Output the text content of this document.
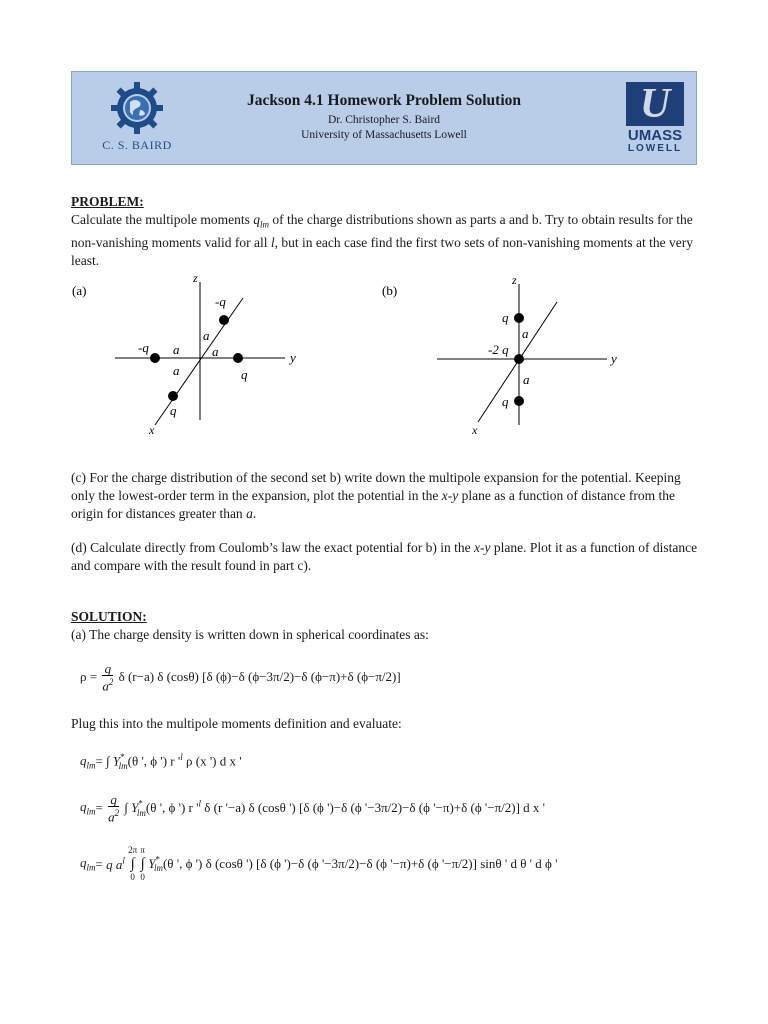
C. S. BAIRD
Jackson 4.1 Homework Problem Solution
Dr. Christopher S. Baird
University of Massachusetts Lowell
U
UMASS
LOWELL
PROBLEM:
Calculate the multipole moments $q_{lm}$ of the charge distributions shown as parts a and b. Try to obtain results for the non-vanishing moments valid for all l, but in each case find the first two sets of non-vanishing moments at the very least.
(a)
z
y
x
-q
-q
q
q
a
a	a
a
(b)
z
y
x
q
-2 q
q
a
a
(c) For the charge distribution of the second set b) write down the multipole expansion for the potential. Keeping only the lowest-order term in the expansion, plot the potential in the x-y plane as a function of distance from the origin for distances greater than a.
(d) Calculate directly from Coulomb’s law the exact potential for b) in the x-y plane. Plot it as a function of distance and compare with the result found in part c).
SOLUTION:
(a) The charge density is written down in spherical coordinates as:
$\rho = \frac{q}{a^2}$ δ (r−a) δ (cosθ) [δ (ϕ)−δ (ϕ−3π/2)−δ (ϕ−π)+δ (ϕ−π/2)]
Plug this into the multipole moments definition and evaluate:
$q_{lm}=$ ∫ $Y^*_{lm}(\theta$ ', ϕ ') r '$^l$ ρ (x ') d x '
$q_{lm}= \frac{q}{a^2}$ ∫ $Y^*_{lm}(\theta$ ', ϕ ') r '$^l$ δ (r '−a) δ (cosθ ') [δ (ϕ ')−δ (ϕ '−3π/2)−δ (ϕ '−π)+δ (ϕ '−π/2)] d x '
$q_{lm}= q$ $a^l$ 2π
∫
0 π
∫
0 $Y^*_{lm}(\theta$ ', ϕ ') δ (cosθ ') [δ (ϕ ')−δ (ϕ '−3π/2)−δ (ϕ '−π)+δ (ϕ '−π/2)] sinθ ' d θ ' d ϕ '
